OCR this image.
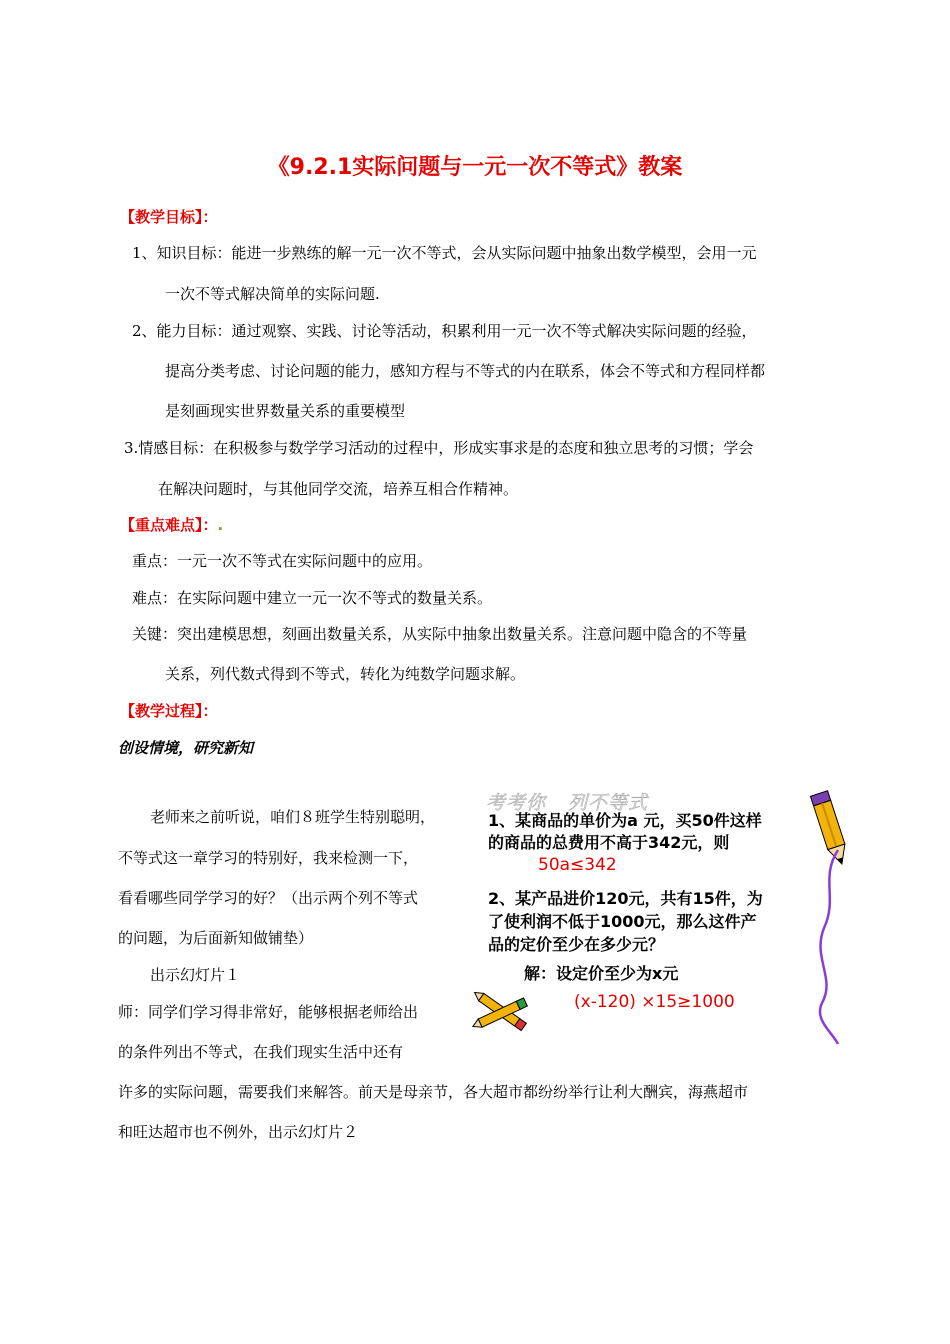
《9.2.1实际问题与一元一次不等式》教案
【教学目标】：
1、知识目标：能进一步熟练的解一元一次不等式，会从实际问题中抽象出数学模型，会用一元
一次不等式解决简单的实际问题.
2、能力目标：通过观察、实践、讨论等活动，积累利用一元一次不等式解决实际问题的经验，
提高分类考虑、讨论问题的能力，感知方程与不等式的内在联系，体会不等式和方程同样都
是刻画现实世界数量关系的重要模型
3.情感目标：在积极参与数学学习活动的过程中，形成实事求是的态度和独立思考的习惯；学会
在解决问题时，与其他同学交流，培养互相合作精神。
【重点难点】：.
重点：一元一次不等式在实际问题中的应用。
难点：在实际问题中建立一元一次不等式的数量关系。
关键：突出建模思想，刻画出数量关系，从实际中抽象出数量关系。注意问题中隐含的不等量
关系，列代数式得到不等式，转化为纯数学问题求解。
【教学过程】：
创设情境，研究新知
老师来之前听说，咱们８班学生特别聪明，
不等式这一章学习的特别好，我来检测一下，
看看哪些同学学习的好？（出示两个列不等式
的问题，为后面新知做铺垫）
出示幻灯片１
师：同学们学习得非常好，能够根据老师给出
的条件列出不等式，在我们现实生活中还有
许多的实际问题，需要我们来解答。前天是母亲节，各大超市都纷纷举行让利大酬宾，海燕超市
和旺达超市也不例外，出示幻灯片２
考考你 列不等式
1、某商品的单价为a 元，买50件这样
的商品的总费用不高于342元，则
50a≤342
2、某产品进价120元，共有15件，为
了使利润不低于1000元，那么这件产
品的定价至少在多少元？
解：设定价至少为x元
(x-120) ×15≥1000
